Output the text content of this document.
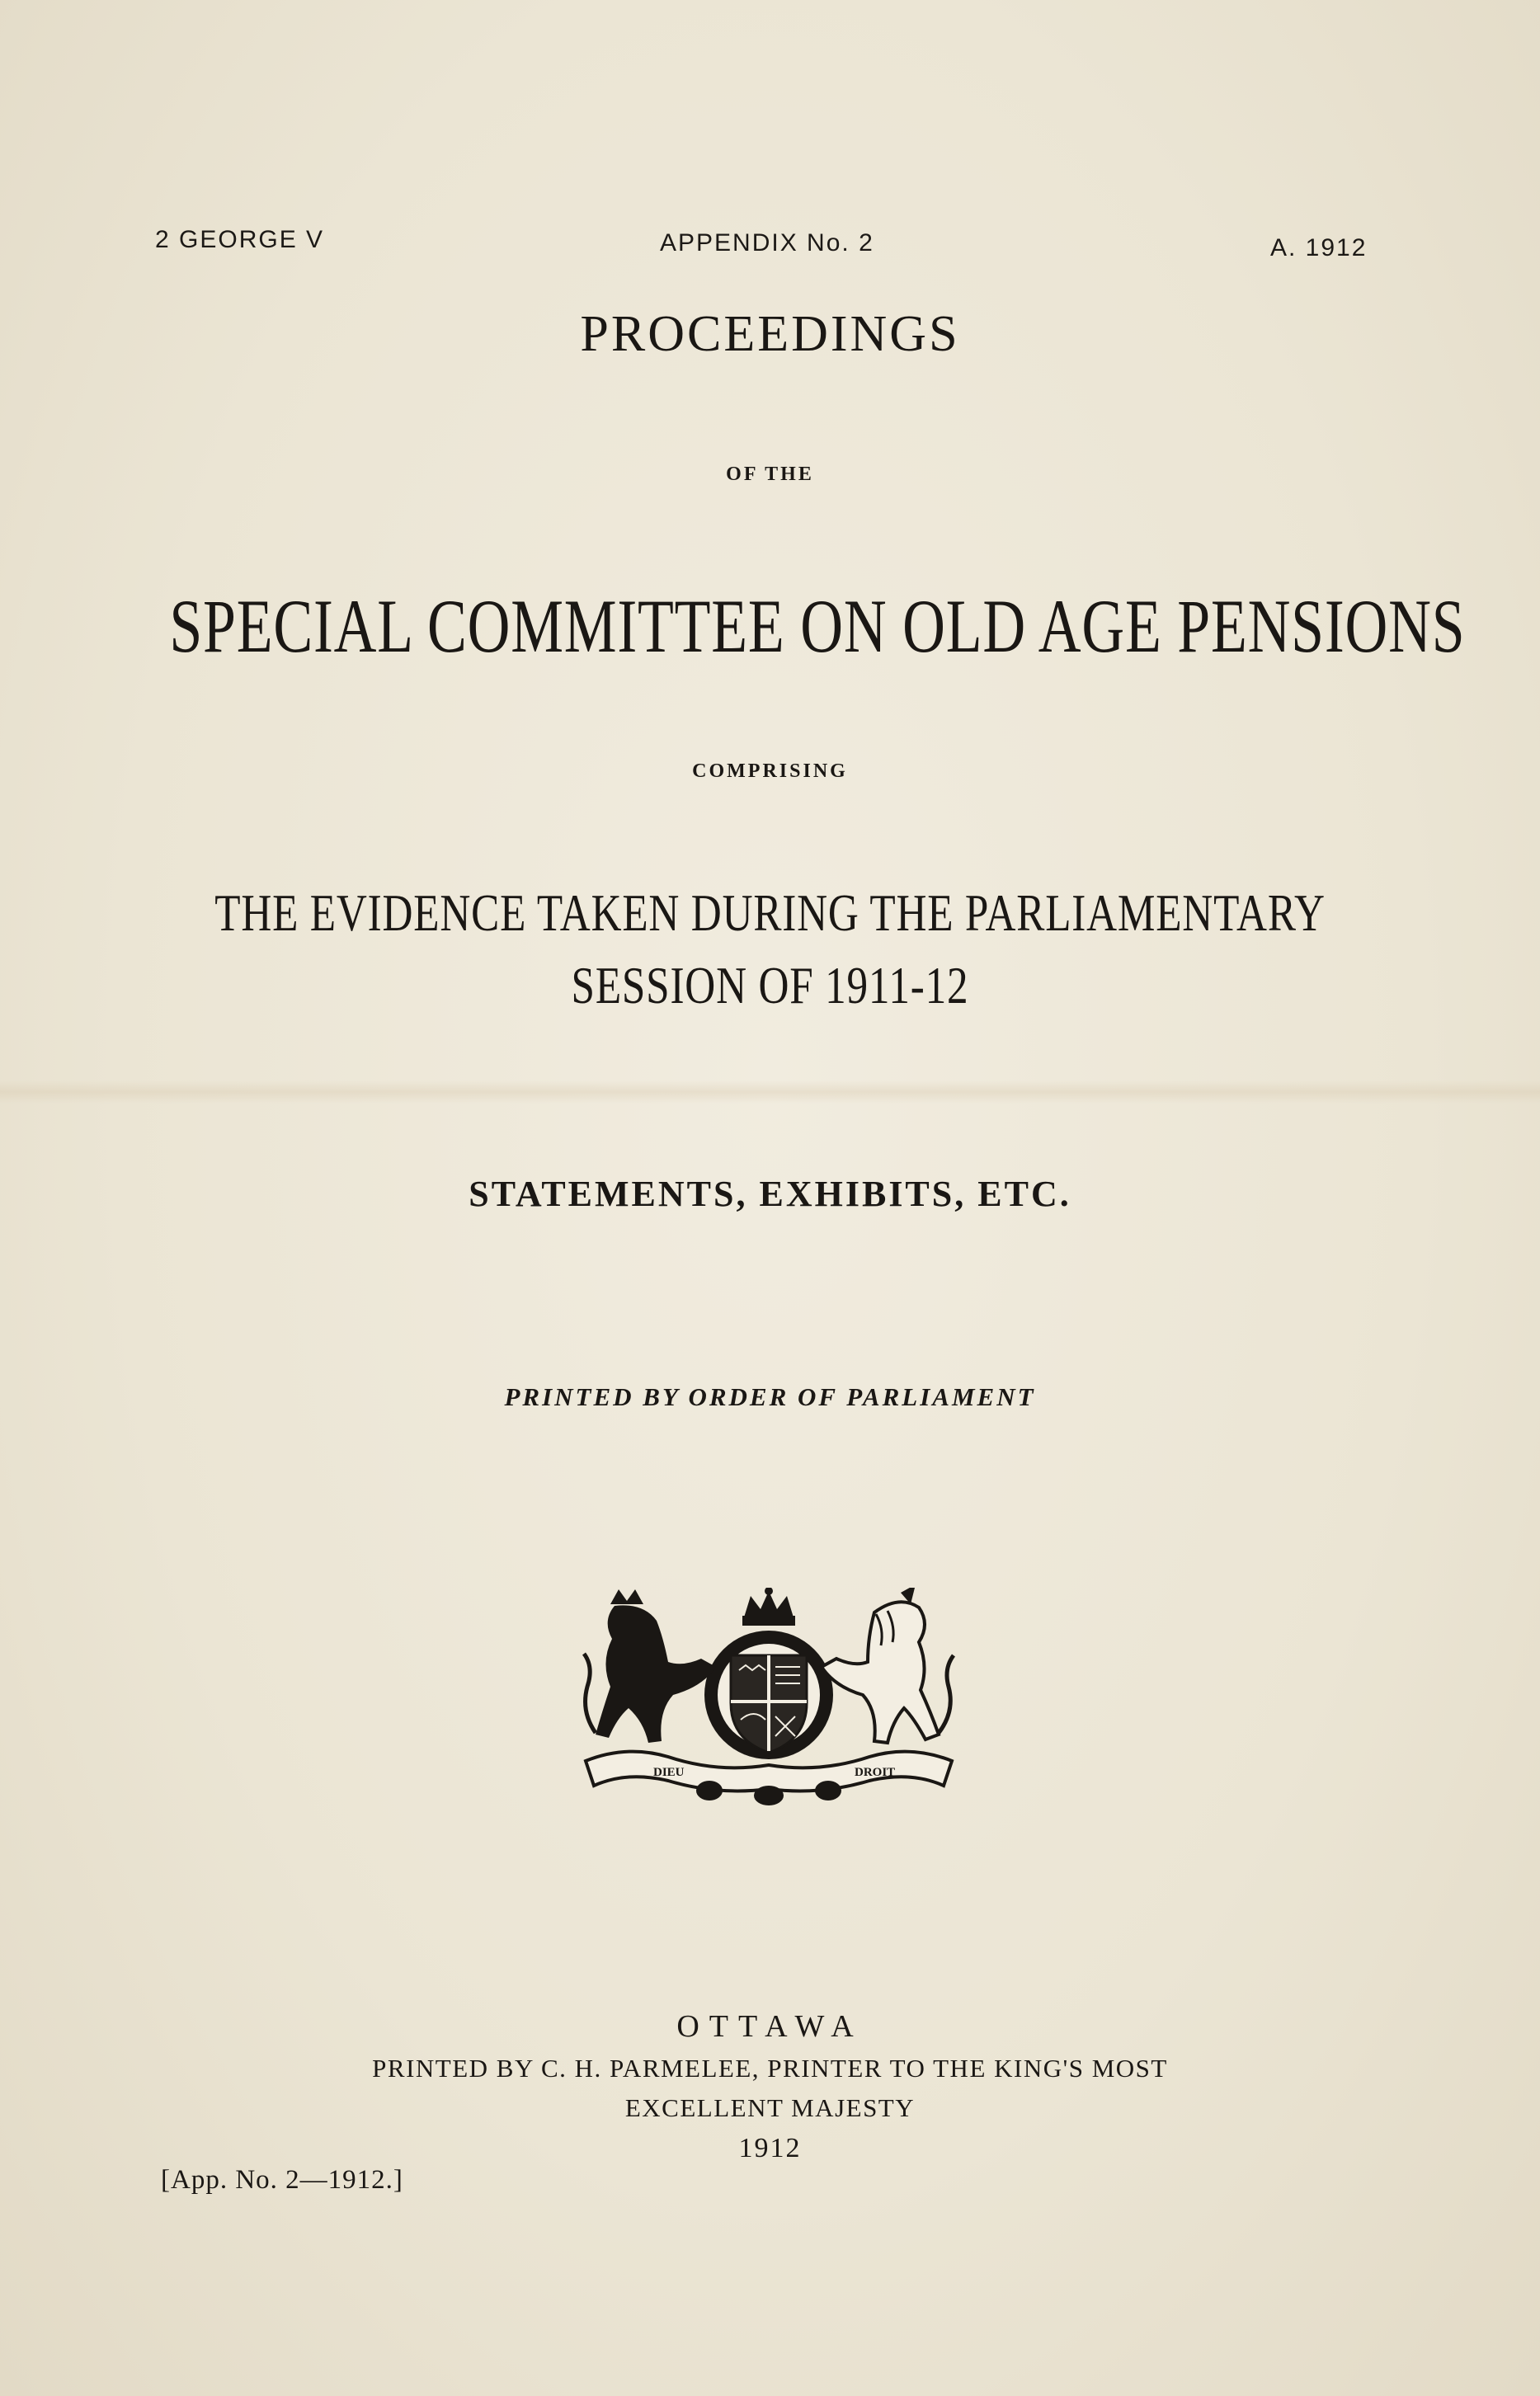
2 GEORGE V	APPENDIX No. 2	A. 1912
PROCEEDINGS
OF THE
SPECIAL COMMITTEE ON OLD AGE PENSIONS
COMPRISING
THE EVIDENCE TAKEN DURING THE PARLIAMENTARY
SESSION OF 1911-12
STATEMENTS, EXHIBITS, ETC.
PRINTED BY ORDER OF PARLIAMENT
DIEU	DROIT
OTTAWA
PRINTED BY C. H. PARMELEE, PRINTER TO THE KING'S MOST
EXCELLENT MAJESTY
1912
[App. No. 2—1912.]
